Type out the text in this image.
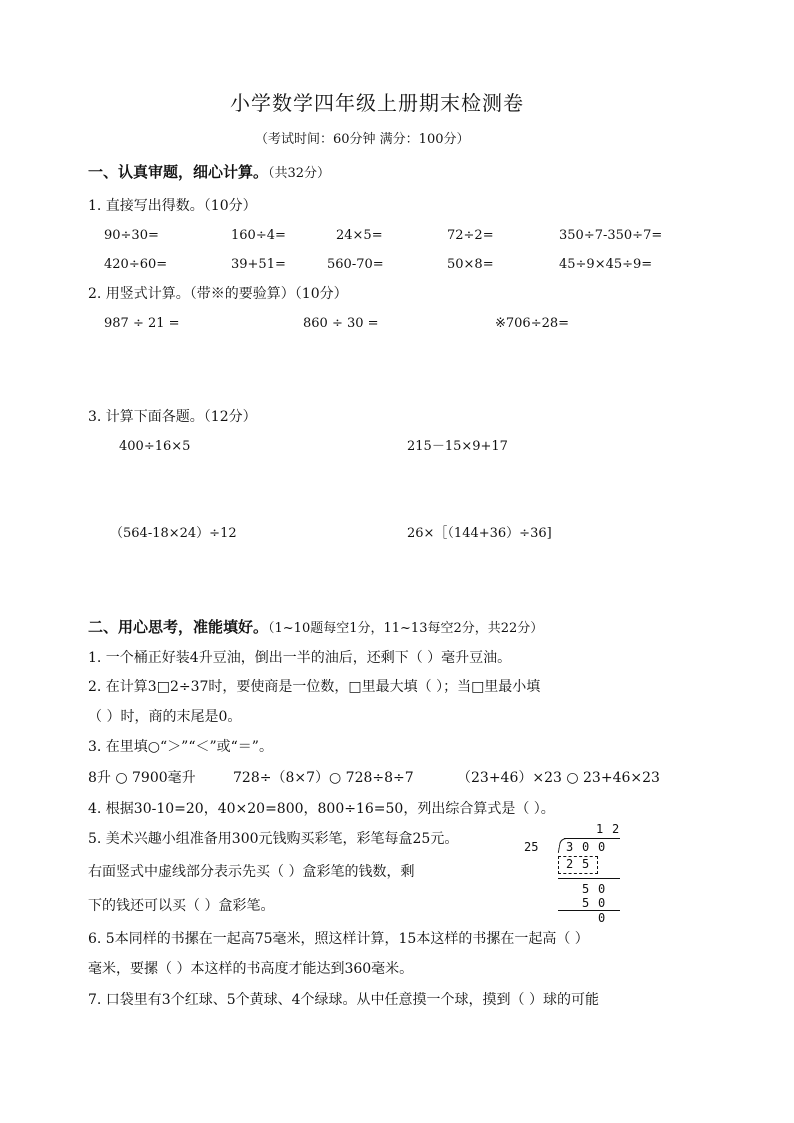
小学数学四年级上册期末检测卷
（考试时间：60分钟 满分：100分）
一、认真审题，细心计算。（共32分）
1. 直接写出得数。（10分）
90÷30=	160÷4=	24×5=	72÷2=	350÷7-350÷7=
420÷60=	39+51=	560-70=	50×8=	45÷9×45÷9=
2. 用竖式计算。（带※的要验算）（10分）
987 ÷ 21 =	860 ÷ 30 =	※706÷28=
3. 计算下面各题。（12分）
400÷16×5	215－15×9+17
（564-18×24）÷12	26×［（144+36）÷36]
二、用心思考，准能填好。（1~10题每空1分，11~13每空2分，共22分）
1. 一个桶正好装4升豆油，倒出一半的油后，还剩下（ ）毫升豆油。
2. 在计算3□2÷37时，要使商是一位数，□里最大填（ ）；当□里最小填
（ ）时，商的末尾是0。
3. 在里填○“＞”“＜”或“＝”。
8升 ○ 7900毫升	728÷（8×7）○ 728÷8÷7	（23+46）×23 ○ 23+46×23
4. 根据30-10=20，40×20=800，800÷16=50，列出综合算式是（ ）。
5. 美术兴趣小组准备用300元钱购买彩笔，彩笔每盒25元。
右面竖式中虚线部分表示先买（ ）盒彩笔的钱数，剩
下的钱还可以买（ ）盒彩笔。
1 2
25 3 0 0
2 5
5 0
5 0
0
6. 5本同样的书摞在一起高75毫米，照这样计算，15本这样的书摞在一起高（ ）
毫米，要摞（ ）本这样的书高度才能达到360毫米。
7. 口袋里有3个红球、5个黄球、4个绿球。从中任意摸一个球，摸到（ ）球的可能
